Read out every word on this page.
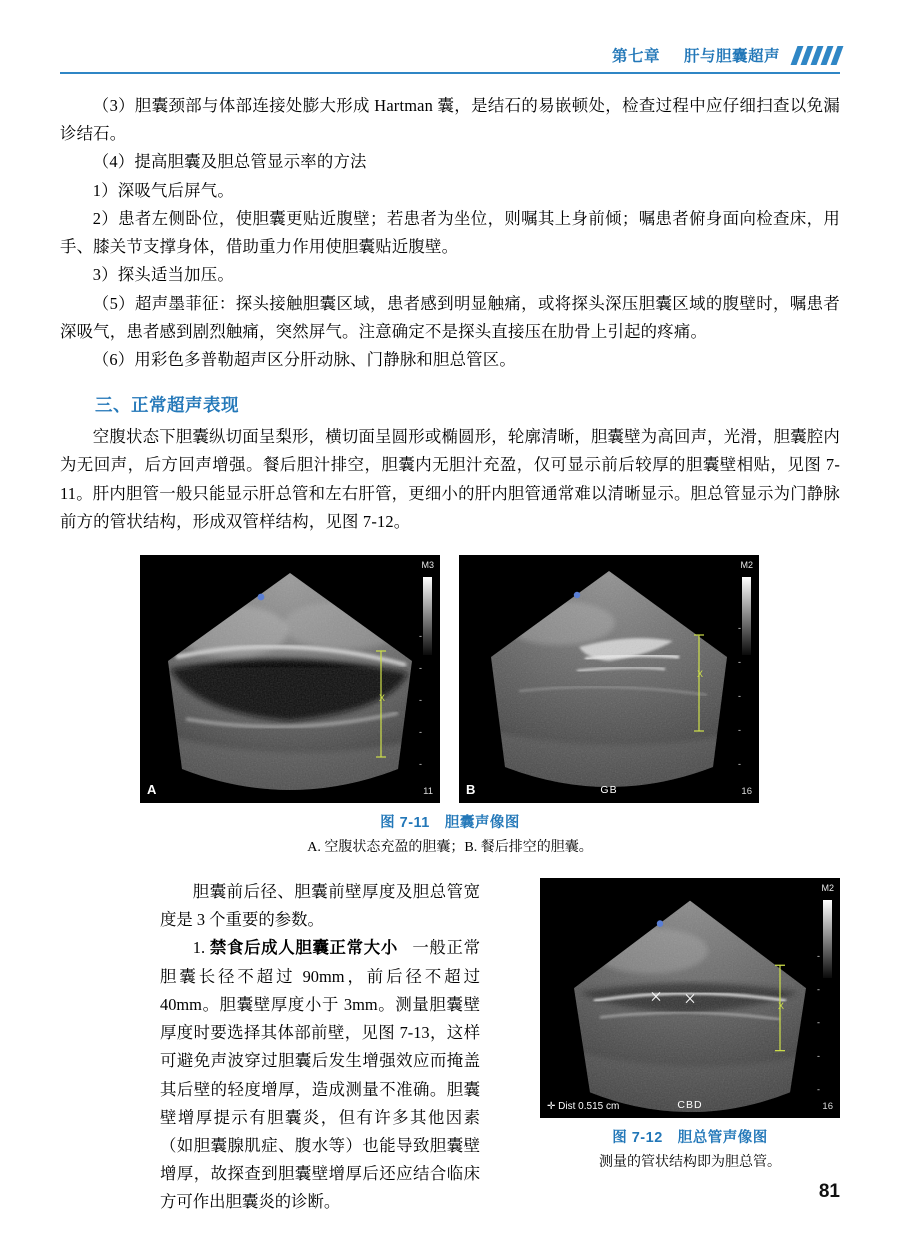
第七章 肝与胆囊超声

（3）胆囊颈部与体部连接处膨大形成 Hartman 囊，是结石的易嵌顿处，检查过程中应仔细扫查以免漏诊结石。

（4）提高胆囊及胆总管显示率的方法

1）深吸气后屏气。

2）患者左侧卧位，使胆囊更贴近腹壁；若患者为坐位，则嘱其上身前倾；嘱患者俯身面向检查床，用手、膝关节支撑身体，借助重力作用使胆囊贴近腹壁。

3）探头适当加压。

（5）超声墨菲征：探头接触胆囊区域，患者感到明显触痛，或将探头深压胆囊区域的腹壁时，嘱患者深吸气，患者感到剧烈触痛，突然屏气。注意确定不是探头直接压在肋骨上引起的疼痛。

（6）用彩色多普勒超声区分肝动脉、门静脉和胆总管区。

三、正常超声表现

空腹状态下胆囊纵切面呈梨形，横切面呈圆形或椭圆形，轮廓清晰，胆囊壁为高回声，光滑，胆囊腔内为无回声，后方回声增强。餐后胆汁排空，胆囊内无胆汁充盈，仅可显示前后较厚的胆囊壁相贴，见图 7-11。肝内胆管一般只能显示肝总管和左右肝管，更细小的肝内胆管通常难以清晰显示。胆总管显示为门静脉前方的管状结构，形成双管样结构，见图 7-12。

X
-
-
-
-
-
M3
A	11
X
-
-
-
-
-
M2
B	GB	16
图 7-11　胆囊声像图
A. 空腹状态充盈的胆囊；B. 餐后排空的胆囊。

胆囊前后径、胆囊前壁厚度及胆总管宽度是 3 个重要的参数。

1. 禁食后成人胆囊正常大小 一般正常胆囊长径不超过 90mm，前后径不超过 40mm。胆囊壁厚度小于 3mm。测量胆囊壁厚度时要选择其体部前壁，见图 7-13，这样可避免声波穿过胆囊后发生增强效应而掩盖其后壁的轻度增厚，造成测量不准确。胆囊壁增厚提示有胆囊炎，但有许多其他因素（如胆囊腺肌症、腹水等）也能导致胆囊壁增厚，故探查到胆囊壁增厚后还应结合临床方可作出胆囊炎的诊断。

X
-
-
-
-
-
M2
✛ Dist 0.515 cm	CBD	16
图 7-12　胆总管声像图
测量的管状结构即为胆总管。
81
